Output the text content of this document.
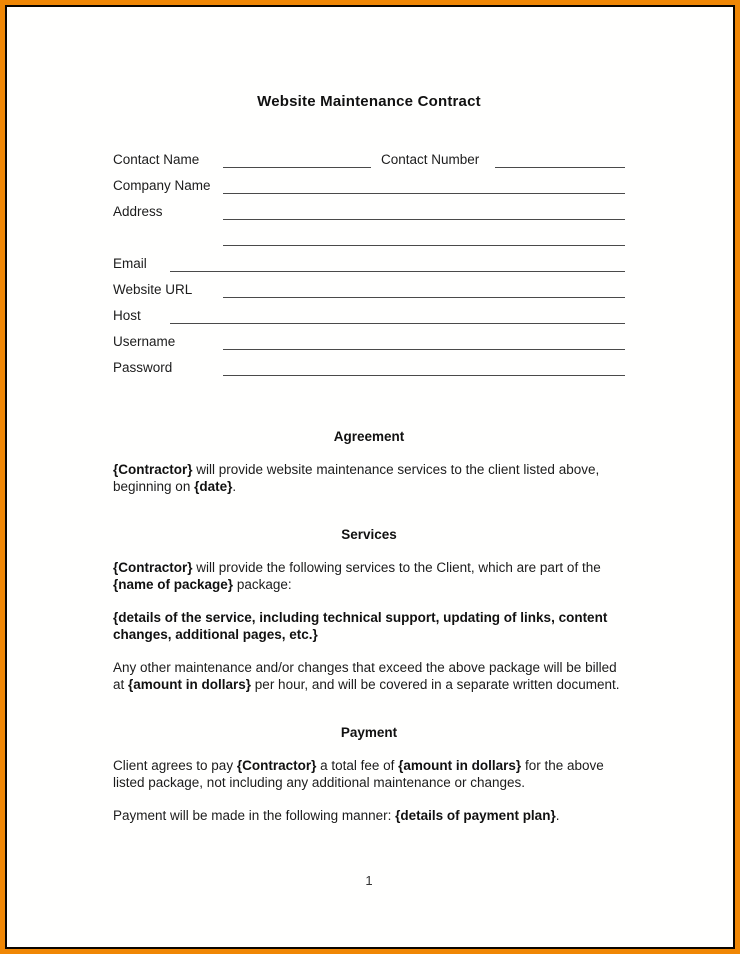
Website Maintenance Contract
Contact Name	Contact Number
Company Name
Address
Email
Website URL
Host
Username
Password
Agreement

{Contractor} will provide website maintenance services to the client listed above, beginning on {date}.

Services

{Contractor} will provide the following services to the Client, which are part of the {name of package} package:

{details of the service, including technical support, updating of links, content changes, additional pages, etc.}

Any other maintenance and/or changes that exceed the above package will be billed at {amount in dollars} per hour, and will be covered in a separate written document.

Payment

Client agrees to pay {Contractor} a total fee of {amount in dollars} for the above listed package, not including any additional maintenance or changes.

Payment will be made in the following manner: {details of payment plan}.

1
